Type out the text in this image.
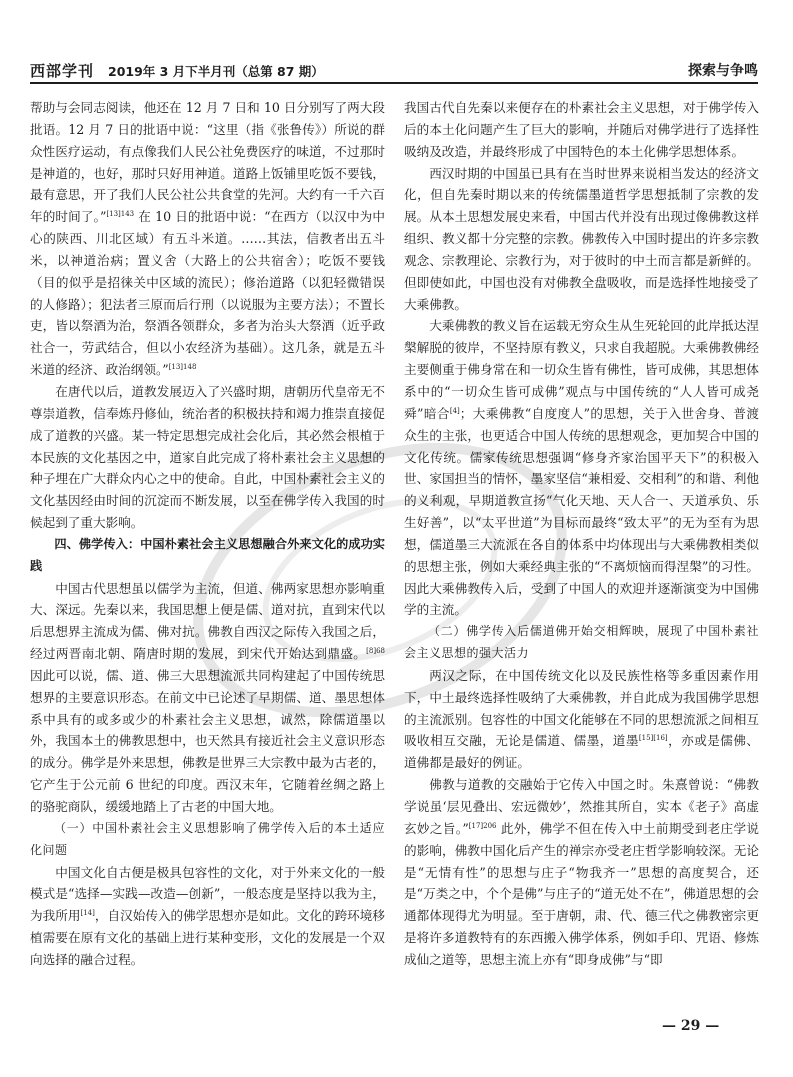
西部学刊 2019年 3 月下半月刊（总第 87 期）	探索与争鸣

帮助与会同志阅读，他还在 12 月 7 日和 10 日分别写了两大段批语。12 月 7 日的批语中说：“这里（指《张鲁传》）所说的群众性医疗运动，有点像我们人民公社免费医疗的味道，不过那时是神道的，也好，那时只好用神道。道路上饭铺里吃饭不要钱，最有意思，开了我们人民公社公共食堂的先河。大约有一千六百年的时间了。”$^{[13]143}$ 在 10 日的批语中说：“在西方（以汉中为中心的陕西、川北区域）有五斗米道。……其法，信教者出五斗米，以神道治病；置义舍（大路上的公共宿舍）；吃饭不要钱（目的似乎是招徕关中区域的流民）；修治道路（以犯轻微错误的人修路）；犯法者三原而后行刑（以说服为主要方法）；不置长吏，皆以祭酒为治，祭酒各领群众，多者为治头大祭酒（近乎政社合一，劳武结合，但以小农经济为基础）。这几条，就是五斗米道的经济、政治纲领。”$^{[13]148}$

在唐代以后，道教发展迈入了兴盛时期，唐朝历代皇帝无不尊崇道教，信奉炼丹修仙，统治者的积极扶持和竭力推崇直接促成了道教的兴盛。某一特定思想完成社会化后，其必然会根植于本民族的文化基因之中，道家自此完成了将朴素社会主义思想的种子埋在广大群众内心之中的使命。自此，中国朴素社会主义的文化基因经由时间的沉淀而不断发展，以至在佛学传入我国的时候起到了重大影响。

四、佛学传入：中国朴素社会主义思想融合外来文化的成功实践

中国古代思想虽以儒学为主流，但道、佛两家思想亦影响重大、深远。先秦以来，我国思想上便是儒、道对抗，直到宋代以后思想界主流成为儒、佛对抗。佛教自西汉之际传入我国之后，经过两晋南北朝、隋唐时期的发展，到宋代开始达到鼎盛。$^{[8]68}$ 因此可以说，儒、道、佛三大思想流派共同构建起了中国传统思想界的主要意识形态。在前文中已论述了早期儒、道、墨思想体系中具有的或多或少的朴素社会主义思想，诚然，除儒道墨以外，我国本土的佛教思想中，也天然具有接近社会主义意识形态的成分。佛学是外来思想，佛教是世界三大宗教中最为古老的，它产生于公元前 6 世纪的印度。西汉末年，它随着丝绸之路上的骆驼商队，缓缓地踏上了古老的中国大地。

（一）中国朴素社会主义思想影响了佛学传入后的本土适应化问题

中国文化自古便是极具包容性的文化，对于外来文化的一般模式是“选择—实践—改造—创新”，一般态度是坚持以我为主，为我所用[14]，自汉始传入的佛学思想亦是如此。文化的跨环境移植需要在原有文化的基础上进行某种变形，文化的发展是一个双向选择的融合过程。

我国古代自先秦以来便存在的朴素社会主义思想，对于佛学传入后的本土化问题产生了巨大的影响，并随后对佛学进行了选择性吸纳及改造，并最终形成了中国特色的本土化佛学思想体系。

西汉时期的中国虽已具有在当时世界来说相当发达的经济文化，但自先秦时期以来的传统儒墨道哲学思想抵制了宗教的发展。从本土思想发展史来看，中国古代并没有出现过像佛教这样组织、教义都十分完整的宗教。佛教传入中国时提出的许多宗教观念、宗教理论、宗教行为，对于彼时的中土而言都是新鲜的。但即使如此，中国也没有对佛教全盘吸收，而是选择性地接受了大乘佛教。

大乘佛教的教义旨在运载无穷众生从生死轮回的此岸抵达涅槃解脱的彼岸，不坚持原有教义，只求自我超脱。大乘佛教佛经主要侧重于佛身常在和一切众生皆有佛性，皆可成佛，其思想体系中的“一切众生皆可成佛”观点与中国传统的“人人皆可成尧舜”暗合[4]；大乘佛教“自度度人”的思想，关于入世舍身、普渡众生的主张，也更适合中国人传统的思想观念，更加契合中国的文化传统。儒家传统思想强调“修身齐家治国平天下”的积极入世、家国担当的情怀，墨家坚信“兼相爱、交相利”的和谐、利他的义利观，早期道教宣扬“气化天地、天人合一、天道承负、乐生好善”，以“太平世道”为目标而最终“致太平”的无为至有为思想，儒道墨三大流派在各自的体系中均体现出与大乘佛教相类似的思想主张，例如大乘经典主张的“不离烦恼而得涅槃”的习性。因此大乘佛教传入后，受到了中国人的欢迎并逐渐演变为中国佛学的主流。

（二）佛学传入后儒道佛开始交相辉映，展现了中国朴素社会主义思想的强大活力

两汉之际，在中国传统文化以及民族性格等多重因素作用下，中土最终选择性吸纳了大乘佛教，并自此成为我国佛学思想的主流派别。包容性的中国文化能够在不同的思想流派之间相互吸收相互交融，无论是儒道、儒墨，道墨[15][16]，亦或是儒佛、道佛都是最好的例证。

佛教与道教的交融始于它传入中国之时。朱熹曾说：“佛教学说虽‘层见叠出、宏远微妙’，然推其所自，实本《老子》高虚玄妙之旨。”$^{[17]206}$ 此外，佛学不但在传入中土前期受到老庄学说的影响，佛教中国化后产生的禅宗亦受老庄哲学影响较深。无论是“无情有性”的思想与庄子“物我齐一”思想的高度契合，还是“万类之中，个个是佛”与庄子的“道无处不在”，佛道思想的会通都体现得尤为明显。至于唐朝，肃、代、德三代之佛教密宗更是将许多道教特有的东西搬入佛学体系，例如手印、咒语、修炼成仙之道等，思想主流上亦有“即身成佛”与“即

— 29 —
